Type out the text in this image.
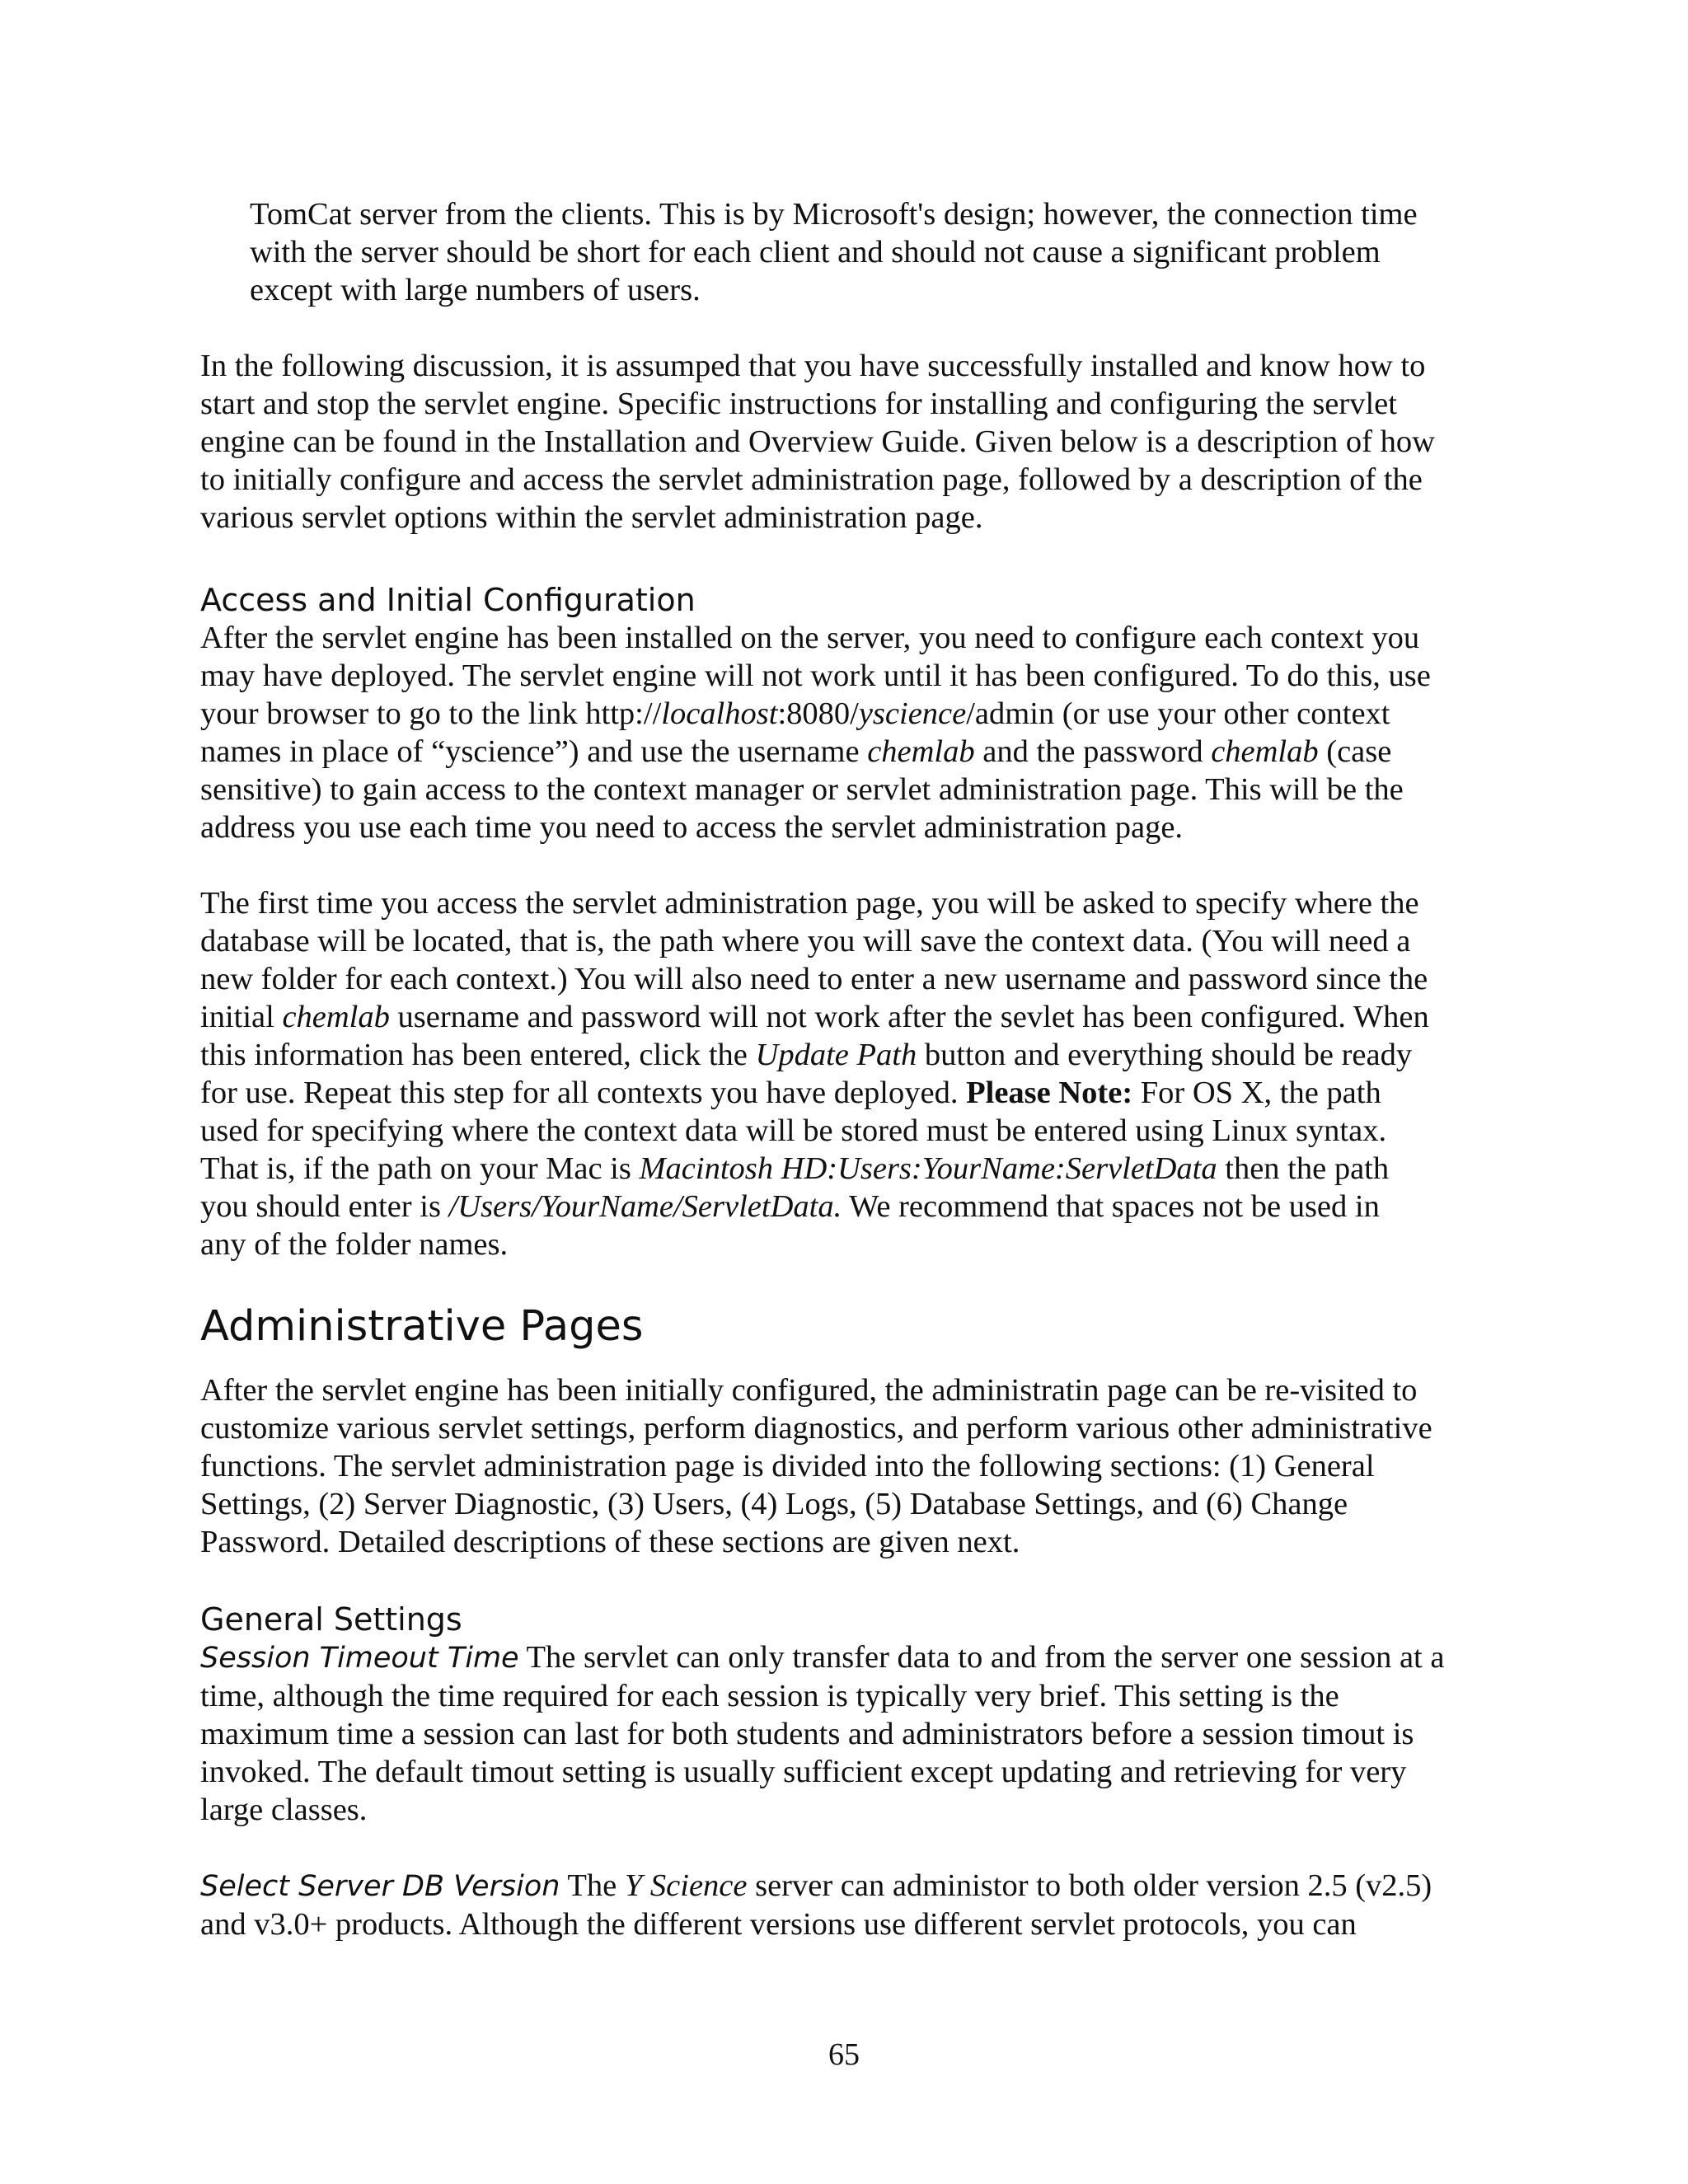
TomCat server from the clients. This is by Microsoft's design; however, the connection time
with the server should be short for each client and should not cause a significant problem
except with large numbers of users.
In the following discussion, it is assumped that you have successfully installed and know how to
start and stop the servlet engine. Specific instructions for installing and configuring the servlet
engine can be found in the Installation and Overview Guide. Given below is a description of how
to initially configure and access the servlet administration page, followed by a description of the
various servlet options within the servlet administration page.
Access and Initial Configuration
After the servlet engine has been installed on the server, you need to configure each context you
may have deployed. The servlet engine will not work until it has been configured. To do this, use
your browser to go to the link http://localhost:8080/yscience/admin (or use your other context
names in place of “yscience”) and use the username chemlab and the password chemlab (case
sensitive) to gain access to the context manager or servlet administration page. This will be the
address you use each time you need to access the servlet administration page.
The first time you access the servlet administration page, you will be asked to specify where the
database will be located, that is, the path where you will save the context data. (You will need a
new folder for each context.) You will also need to enter a new username and password since the
initial chemlab username and password will not work after the sevlet has been configured. When
this information has been entered, click the Update Path button and everything should be ready
for use. Repeat this step for all contexts you have deployed. Please Note: For OS X, the path
used for specifying where the context data will be stored must be entered using Linux syntax.
That is, if the path on your Mac is Macintosh HD:Users:YourName:ServletData then the path
you should enter is /Users/YourName/ServletData. We recommend that spaces not be used in
any of the folder names.
Administrative Pages
After the servlet engine has been initially configured, the administratin page can be re-visited to
customize various servlet settings, perform diagnostics, and perform various other administrative
functions. The servlet administration page is divided into the following sections: (1) General
Settings, (2) Server Diagnostic, (3) Users, (4) Logs, (5) Database Settings, and (6) Change
Password. Detailed descriptions of these sections are given next.
General Settings
Session Timeout Time The servlet can only transfer data to and from the server one session at a
time, although the time required for each session is typically very brief. This setting is the
maximum time a session can last for both students and administrators before a session timout is
invoked. The default timout setting is usually sufficient except updating and retrieving for very
large classes.
Select Server DB Version The Y Science server can administor to both older version 2.5 (v2.5)
and v3.0+ products. Although the different versions use different servlet protocols, you can
65
